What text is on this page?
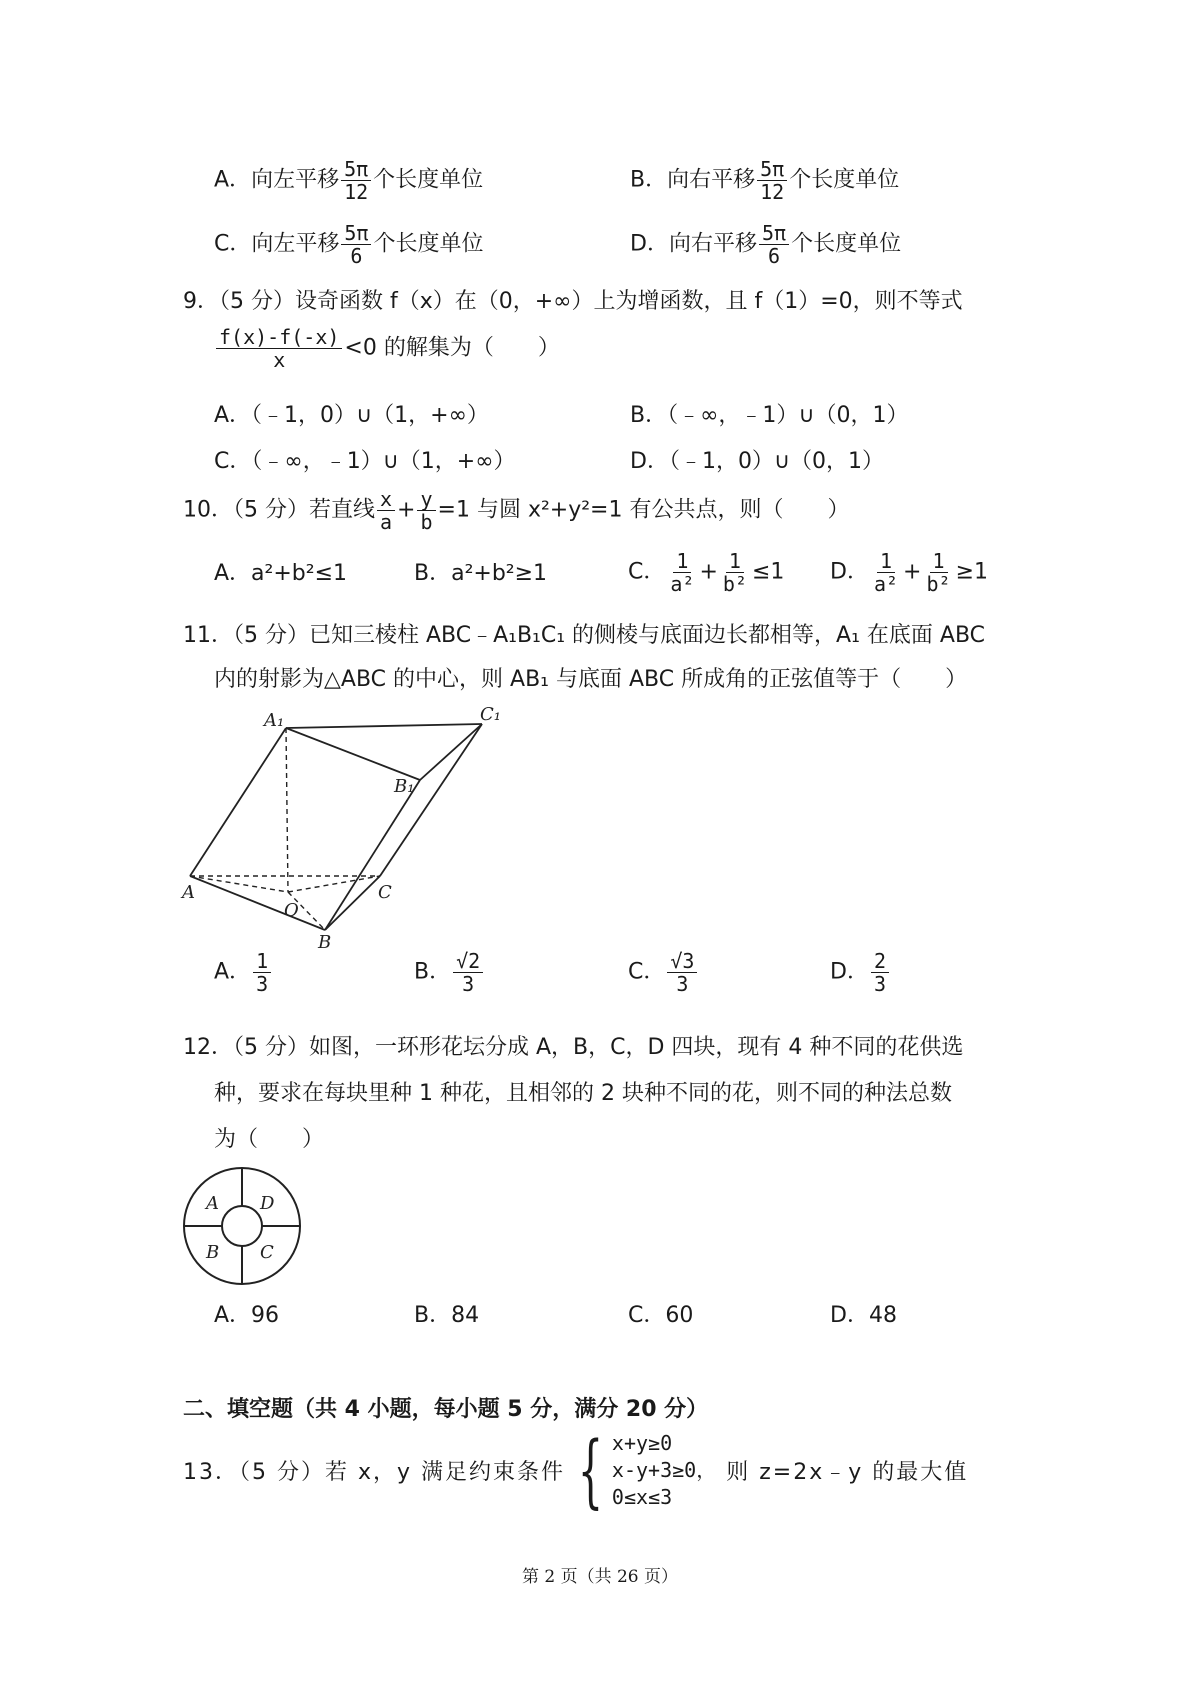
A．向左平移 $\frac{5\pi}{12}$ 个长度单位	B．向右平移 $\frac{5\pi}{12}$ 个长度单位
C．向左平移 $\frac{5\pi}{6}$ 个长度单位	D．向右平移 $\frac{5\pi}{6}$ 个长度单位
9．（5 分）设奇函数 f（x）在（0，+∞）上为增函数，且 f（1）=0，则不等式
$\frac{f(x)-f(-x)}{x} <0$ 的解集为（　　）
A．（﹣1，0）∪（1，+∞）	B．（﹣∞，﹣1）∪（0，1）
C．（﹣∞，﹣1）∪（1，+∞）	D．（﹣1，0）∪（0，1）
10．（5 分）若直线 $\frac{x}{a} + \frac{y}{b} =1$ 与圆 x²+y²=1 有公共点，则（　　）
A．a²+b²≤1	B．a²+b²≥1	C． $\frac{1}{\text{a²}} + \frac{1}{\text{b²}} \le 1$ D． $\frac{1}{\text{a²}} + \frac{1}{\text{b²}} \ge 1$
11．（5 分）已知三棱柱 ABC﹣A₁B₁C₁ 的侧棱与底面边长都相等，A₁ 在底面 ABC
内的射影为△ABC 的中心，则 AB₁ 与底面 ABC 所成角的正弦值等于（　　）
A₁	C₁
B₁
A
O
C
B
A． $\frac{1}{3}$	B． $\frac{√2}{3}$	C． $\frac{√3}{3}$	D． $\frac{2}{3}$
12．（5 分）如图，一环形花坛分成 A，B，C，D 四块，现有 4 种不同的花供选
种，要求在每块里种 1 种花，且相邻的 2 块种不同的花，则不同的种法总数
为（　　）
A D
B C
A．96	B．84	C．60	D．48
二、填空题（共 4 小题，每小题 5 分，满分 20 分）
13．（5 分）若 x，y 满足约束条件 { x+y≥0
x-y+3≥0，
0≤x≤3
则 z=2x﹣y 的最大值
第 2 页（共 26 页）
